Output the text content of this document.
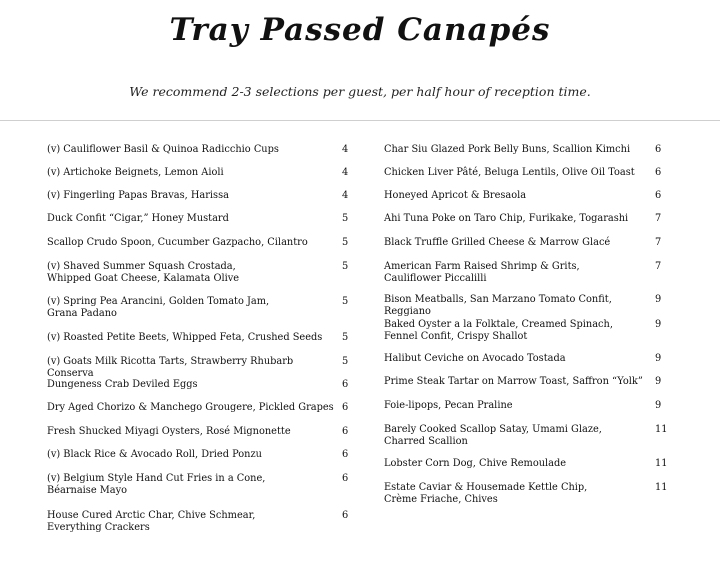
Tray Passed Canapés
We recommend 2-3 selections per guest, per half hour of reception time.
(v) Cauliflower Basil & Quinoa Radicchio Cups	4
(v) Artichoke Beignets, Lemon Aioli	4
(v) Fingerling Papas Bravas, Harissa	4
Duck Confit “Cigar,” Honey Mustard	5
Scallop Crudo Spoon, Cucumber Gazpacho, Cilantro	5
(v) Shaved Summer Squash Crostada,
Whipped Goat Cheese, Kalamata Olive
5
(v) Spring Pea Arancini, Golden Tomato Jam,
Grana Padano
5
(v) Roasted Petite Beets, Whipped Feta, Crushed Seeds	5
(v) Goats Milk Ricotta Tarts, Strawberry Rhubarb Conserva
5
Dungeness Crab Deviled Eggs	6
Dry Aged Chorizo & Manchego Grougere, Pickled Grapes 6
Fresh Shucked Miyagi Oysters, Rosé Mignonette	6
(v) Black Rice & Avocado Roll, Dried Ponzu	6
(v) Belgium Style Hand Cut Fries in a Cone,
Béarnaise Mayo
6
House Cured Arctic Char, Chive Schmear,
Everything Crackers
6
Char Siu Glazed Pork Belly Buns, Scallion Kimchi	6
Chicken Liver Pâté, Beluga Lentils, Olive Oil Toast	6
Honeyed Apricot & Bresaola	6
Ahi Tuna Poke on Taro Chip, Furikake, Togarashi	7
Black Truffle Grilled Cheese & Marrow Glacé	7
American Farm Raised Shrimp & Grits,
Cauliflower Piccalilli
7
Bison Meatballs, San Marzano Tomato Confit, Reggiano
9
Baked Oyster a la Folktale, Creamed Spinach,
Fennel Confit, Crispy Shallot
9
Halibut Ceviche on Avocado Tostada	9
Prime Steak Tartar on Marrow Toast, Saffron “Yolk”	9
Foie-lipops, Pecan Praline	9
Barely Cooked Scallop Satay, Umami Glaze,
Charred Scallion
11
Lobster Corn Dog, Chive Remoulade	11
Estate Caviar & Housemade Kettle Chip,
Crème Friache, Chives
11
